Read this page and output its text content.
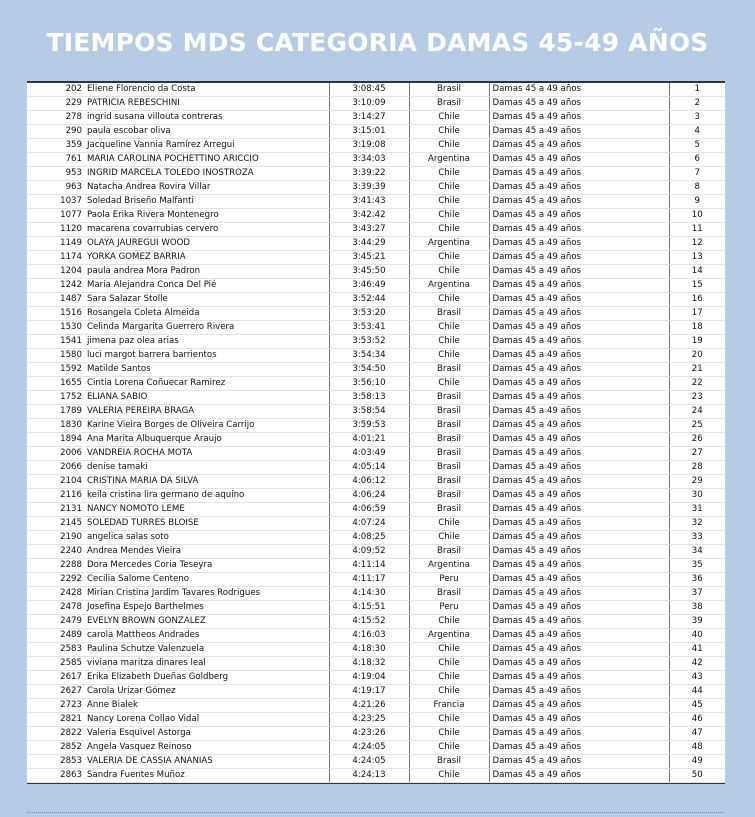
TIEMPOS MDS CATEGORIA DAMAS 45-49 AÑOS
202	Eliene Florencio da Costa	3:08:45	Brasil	Damas 45 a 49 años	1
229	PATRICIA REBESCHINI	3:10:09	Brasil	Damas 45 a 49 años	2
278	ingrid susana villouta contreras	3:14:27	Chile	Damas 45 a 49 años	3
290	paula escobar oliva	3:15:01	Chile	Damas 45 a 49 años	4
359	Jacqueline Vannia Ramírez Arregui	3:19:08	Chile	Damas 45 a 49 años	5
761	MARIA CAROLINA POCHETTINO ARICCIO	3:34:03	Argentina	Damas 45 a 49 años	6
953	INGRID MARCELA TOLEDO INOSTROZA	3:39:22	Chile	Damas 45 a 49 años	7
963	Natacha Andrea Rovira Villar	3:39:39	Chile	Damas 45 a 49 años	8
1037	Soledad Briseño Malfanti	3:41:43	Chile	Damas 45 a 49 años	9
1077	Paola Erika Rivera Montenegro	3:42:42	Chile	Damas 45 a 49 años	10
1120	macarena covarrubias cervero	3:43:27	Chile	Damas 45 a 49 años	11
1149	OLAYA JAUREGUI WOOD	3:44:29	Argentina	Damas 45 a 49 años	12
1174	YORKA GOMEZ BARRIA	3:45:21	Chile	Damas 45 a 49 años	13
1204	paula andrea Mora Padron	3:45:50	Chile	Damas 45 a 49 años	14
1242	Maria Alejandra Conca Del Pié	3:46:49	Argentina	Damas 45 a 49 años	15
1487	Sara Salazar Stolle	3:52:44	Chile	Damas 45 a 49 años	16
1516	Rosangela Coleta Almeida	3:53:20	Brasil	Damas 45 a 49 años	17
1530	Celinda Margarita Guerrero Rivera	3:53:41	Chile	Damas 45 a 49 años	18
1541	jimena paz olea arias	3:53:52	Chile	Damas 45 a 49 años	19
1580	luci margot barrera barrientos	3:54:34	Chile	Damas 45 a 49 años	20
1592	Matilde Santos	3:54:50	Brasil	Damas 45 a 49 años	21
1655	Cintia Lorena Coñuecar Ramirez	3:56:10	Chile	Damas 45 a 49 años	22
1752	ELIANA SABIO	3:58:13	Brasil	Damas 45 a 49 años	23
1789	VALERIA PEREIRA BRAGA	3:58:54	Brasil	Damas 45 a 49 años	24
1830	Karine Vieira Borges de Oliveira Carrijo	3:59:53	Brasil	Damas 45 a 49 años	25
1894	Ana Marita Albuquerque Araujo	4:01:21	Brasil	Damas 45 a 49 años	26
2006	VANDREIA ROCHA MOTA	4:03:49	Brasil	Damas 45 a 49 años	27
2066	denise tamaki	4:05:14	Brasil	Damas 45 a 49 años	28
2104	CRISTINA MARIA DA SILVA	4:06:12	Brasil	Damas 45 a 49 años	29
2116	keila cristina lira germano de aquino	4:06:24	Brasil	Damas 45 a 49 años	30
2131	NANCY NOMOTO LEME	4:06:59	Brasil	Damas 45 a 49 años	31
2145	SOLEDAD TURRES BLOISE	4:07:24	Chile	Damas 45 a 49 años	32
2190	angelica salas soto	4:08:25	Chile	Damas 45 a 49 años	33
2240	Andrea Mendes Vieira	4:09:52	Brasil	Damas 45 a 49 años	34
2288	Dora Mercedes Coria Teseyra	4:11:14	Argentina	Damas 45 a 49 años	35
2292	Cecilia Salome Centeno	4:11:17	Peru	Damas 45 a 49 años	36
2428	Mirian Cristina Jardim Tavares Rodrigues	4:14:30	Brasil	Damas 45 a 49 años	37
2478	Josefina Espejo Barthelmes	4:15:51	Peru	Damas 45 a 49 años	38
2479	EVELYN BROWN GONZALEZ	4:15:52	Chile	Damas 45 a 49 años	39
2489	carola Mattheos Andrades	4:16:03	Argentina	Damas 45 a 49 años	40
2583	Paulina Schutze Valenzuela	4:18:30	Chile	Damas 45 a 49 años	41
2585	viviana maritza dinares leal	4:18:32	Chile	Damas 45 a 49 años	42
2617	Erika Elizabeth Dueñas Goldberg	4:19:04	Chile	Damas 45 a 49 años	43
2627	Carola Urizar Gómez	4:19:17	Chile	Damas 45 a 49 años	44
2723	Anne Bialek	4:21:26	Francia	Damas 45 a 49 años	45
2821	Nancy Lorena Collao Vidal	4:23:25	Chile	Damas 45 a 49 años	46
2822	Valeria Esquivel Astorga	4:23:26	Chile	Damas 45 a 49 años	47
2852	Angela Vasquez Reinoso	4:24:05	Chile	Damas 45 a 49 años	48
2853	VALERIA DE CASSIA ANANIAS	4:24:05	Brasil	Damas 45 a 49 años	49
2863	Sandra Fuentes Muñoz	4:24:13	Chile	Damas 45 a 49 años	50
